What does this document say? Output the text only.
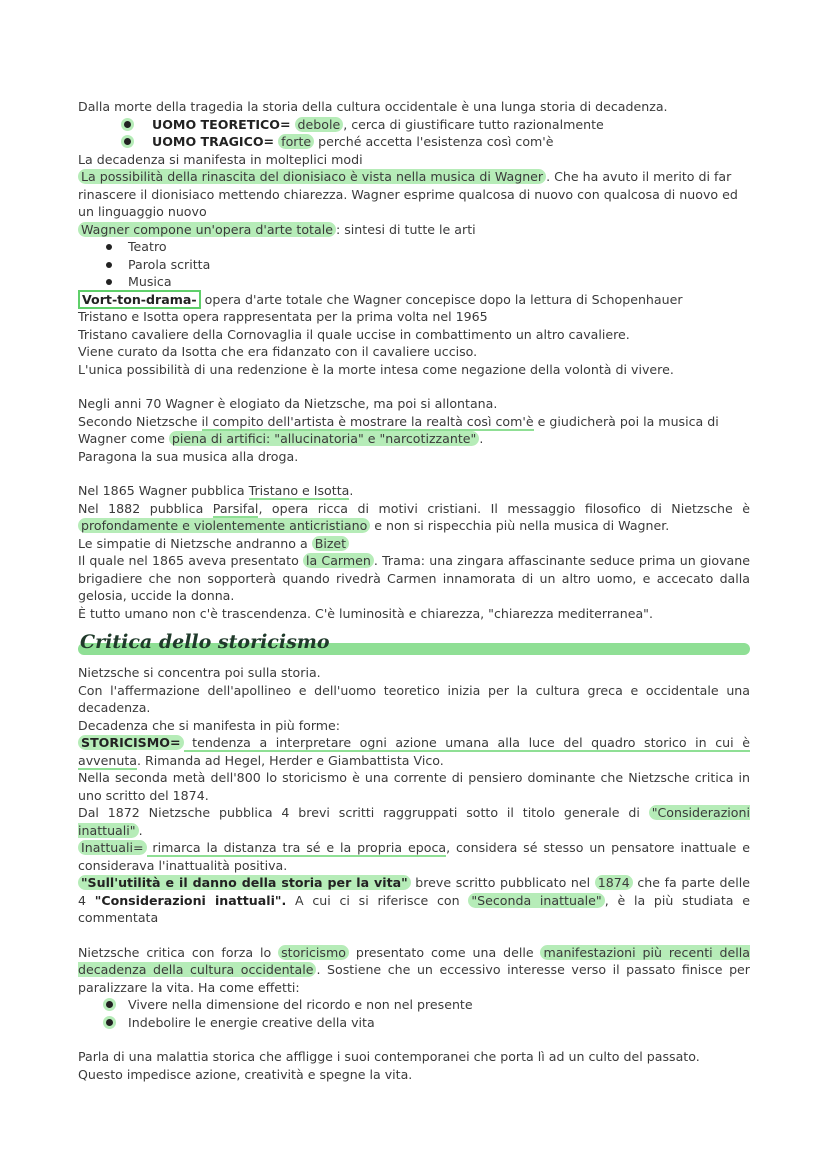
Dalla morte della tragedia la storia della cultura occidentale è una lunga storia di decadenza.

UOMO TEORETICO= debole , cerca di giustificare tutto razionalmente
UOMO TRAGICO= forte perché accetta l'esistenza così com'è

La decadenza si manifesta in molteplici modi

La possibilità della rinascita del dionisiaco è vista nella musica di Wagner . Che ha avuto il merito di far rinascere il dionisiaco mettendo chiarezza. Wagner esprime qualcosa di nuovo con qualcosa di nuovo ed un linguaggio nuovo

Wagner compone un'opera d'arte totale : sintesi di tutte le arti

Teatro
Parola scritta
Musica

Vort-ton-drama- opera d'arte totale che Wagner concepisce dopo la lettura di Schopenhauer

Tristano e Isotta opera rappresentata per la prima volta nel 1965

Tristano cavaliere della Cornovaglia il quale uccise in combattimento un altro cavaliere.

Viene curato da Isotta che era fidanzato con il cavaliere ucciso.

L'unica possibilità di una redenzione è la morte intesa come negazione della volontà di vivere.

Negli anni 70 Wagner è elogiato da Nietzsche, ma poi si allontana.

Secondo Nietzsche il compito dell'artista è mostrare la realtà così com'è e giudicherà poi la musica di Wagner come piena di artifici: "allucinatoria" e "narcotizzante" .

Paragona la sua musica alla droga.

Nel 1865 Wagner pubblica Tristano e Isotta.

Nel 1882 pubblica Parsifal, opera ricca di motivi cristiani. Il messaggio filosofico di Nietzsche è profondamente e violentemente anticristiano e non si rispecchia più nella musica di Wagner.

Le simpatie di Nietzsche andranno a Bizet

Il quale nel 1865 aveva presentato la Carmen . Trama: una zingara affascinante seduce prima un giovane brigadiere che non sopporterà quando rivedrà Carmen innamorata di un altro uomo, e accecato dalla gelosia, uccide la donna.

È tutto umano non c'è trascendenza. C'è luminosità e chiarezza, "chiarezza mediterranea".

Critica dello storicismo

Nietzsche si concentra poi sulla storia.

Con l'affermazione dell'apollineo e dell'uomo teoretico inizia per la cultura greca e occidentale una decadenza.

Decadenza che si manifesta in più forme:

STORICISMO= tendenza a interpretare ogni azione umana alla luce del quadro storico in cui è avvenuta. Rimanda ad Hegel, Herder e Giambattista Vico.

Nella seconda metà dell'800 lo storicismo è una corrente di pensiero dominante che Nietzsche critica in uno scritto del 1874.

Dal 1872 Nietzsche pubblica 4 brevi scritti raggruppati sotto il titolo generale di "Considerazioni inattuali" .

Inattuali= rimarca la distanza tra sé e la propria epoca, considera sé stesso un pensatore inattuale e considerava l'inattualità positiva.

"Sull'utilità e il danno della storia per la vita" breve scritto pubblicato nel 1874 che fa parte delle 4 "Considerazioni inattuali". A cui ci si riferisce con "Seconda inattuale" , è la più studiata e commentata

Nietzsche critica con forza lo storicismo presentato come una delle manifestazioni più recenti della decadenza della cultura occidentale . Sostiene che un eccessivo interesse verso il passato finisce per paralizzare la vita. Ha come effetti:

Vivere nella dimensione del ricordo e non nel presente
Indebolire le energie creative della vita

Parla di una malattia storica che affligge i suoi contemporanei che porta lì ad un culto del passato.

Questo impedisce azione, creatività e spegne la vita.
